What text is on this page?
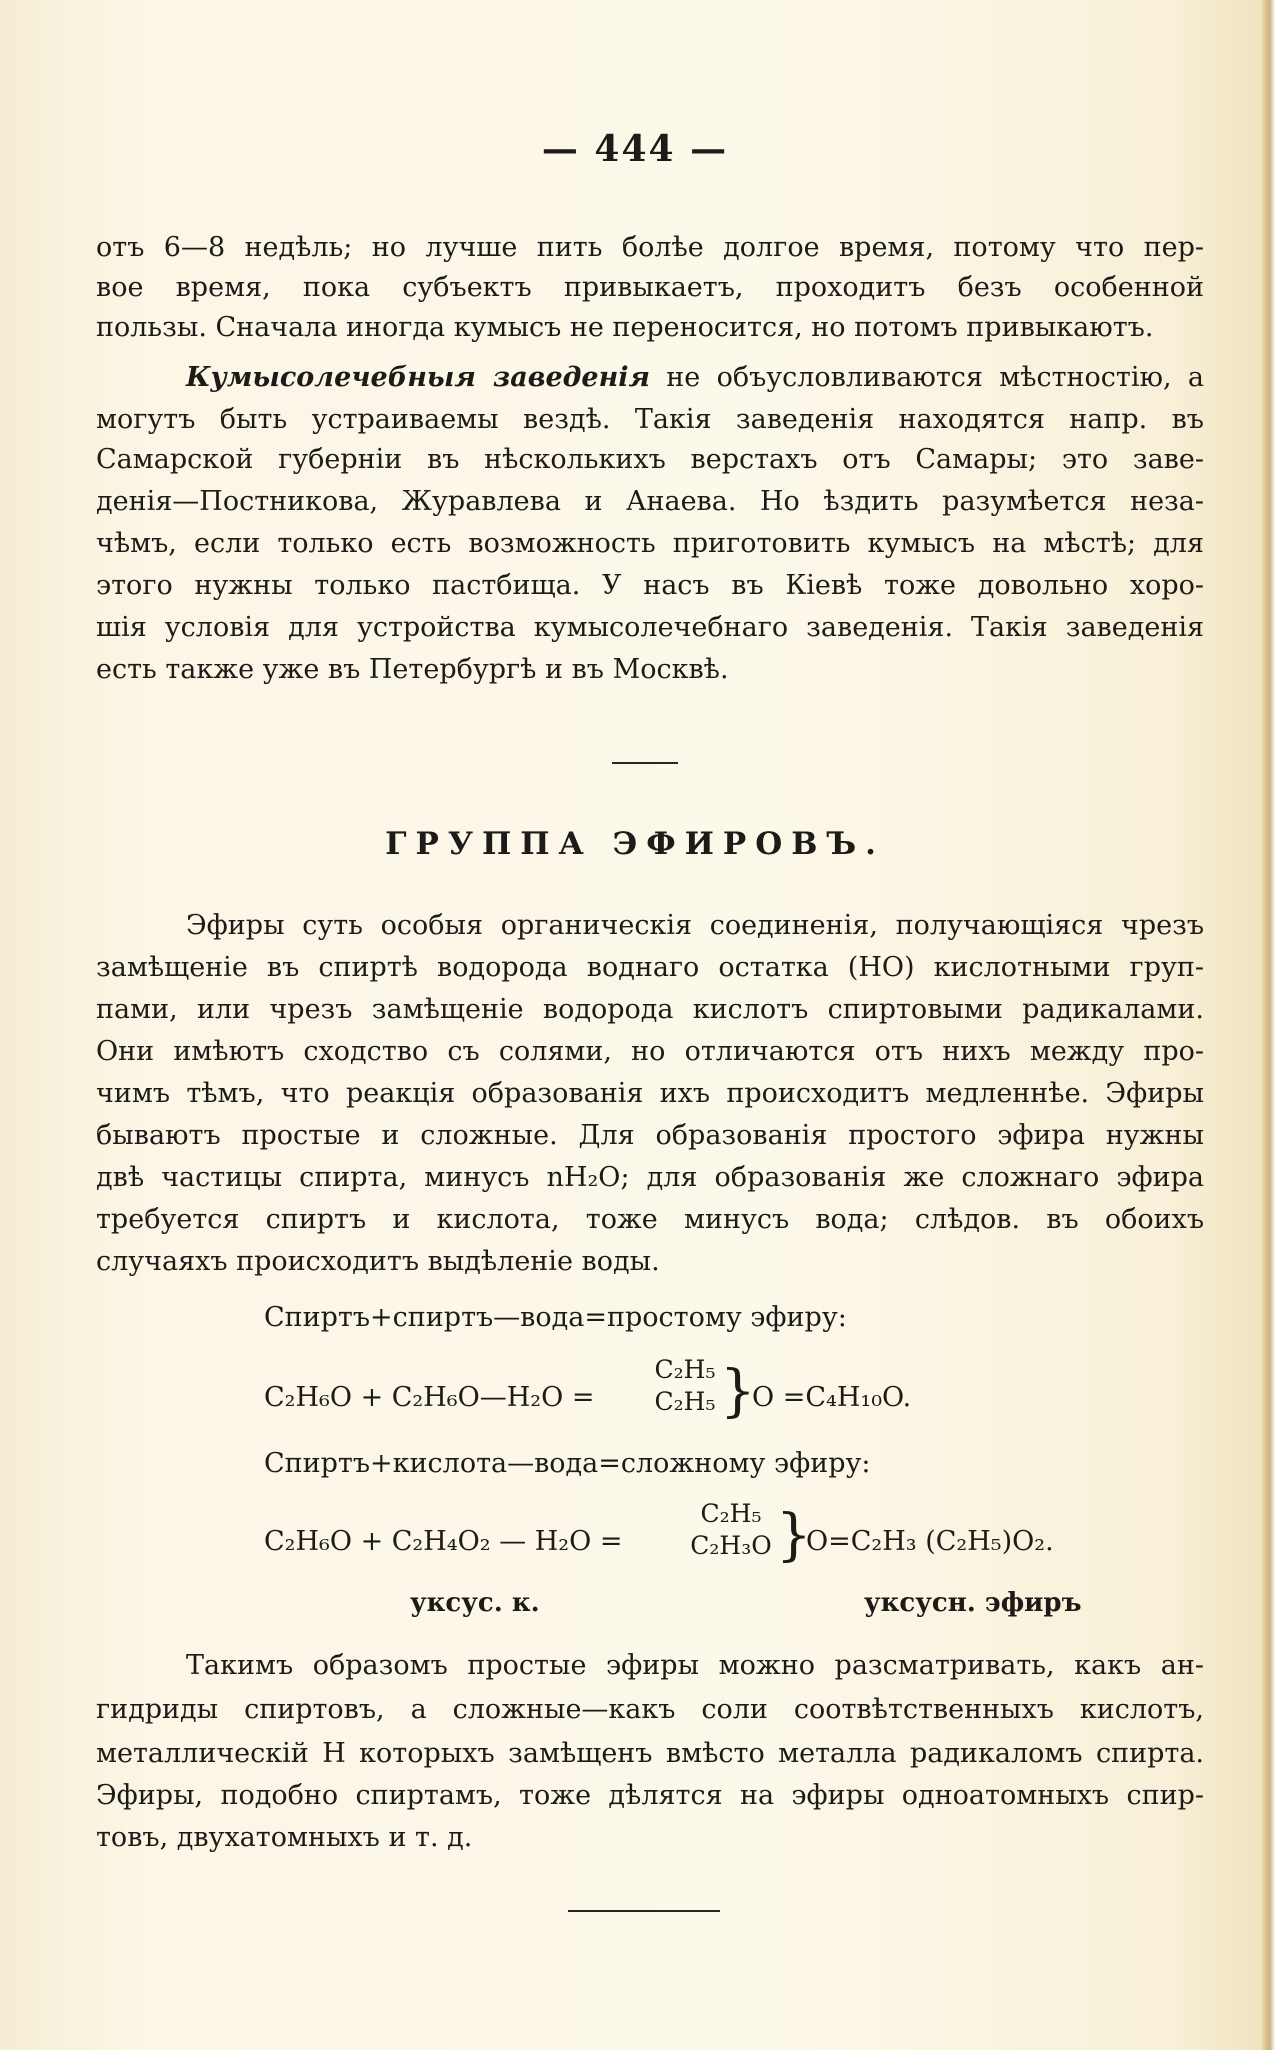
— 444 —

отъ 6—8 недѣль; но лучше пить болѣе долгое время, потому что пер-

вое время, пока субъектъ привыкаетъ, проходитъ безъ особенной

пользы. Сначала иногда кумысъ не переносится, но потомъ привыкаютъ.

Кумысолечебныя заведенія не объусловливаются мѣстностію, а

могутъ быть устраиваемы вездѣ. Такія заведенія находятся напр. въ

Самарской губерніи въ нѣсколькихъ верстахъ отъ Самары; это заве-

денія—Постникова, Журавлева и Анаева. Но ѣздить разумѣется неза-

чѣмъ, если только есть возможность приготовить кумысъ на мѣстѣ; для

этого нужны только пастбища. У насъ въ Кіевѣ тоже довольно хоро-

шія условія для устройства кумысолечебнаго заведенія. Такія заведенія

есть также уже въ Петербургѣ и въ Москвѣ.

ГРУППА ЭФИРОВЪ.

Эфиры суть особыя органическія соединенія, получающіяся чрезъ

замѣщеніе въ спиртѣ водорода воднаго остатка (НО) кислотными груп-

пами, или чрезъ замѣщеніе водорода кислотъ спиртовыми радикалами.

Они имѣютъ сходство съ солями, но отличаются отъ нихъ между про-

чимъ тѣмъ, что реакція образованія ихъ происходитъ медленнѣе. Эфиры

бываютъ простые и сложные. Для образованія простого эфира нужны

двѣ частицы спирта, минусъ nH₂O; для образованія же сложнаго эфира

требуется спиртъ и кислота, тоже минусъ вода; слѣдов. въ обоихъ

случаяхъ происходитъ выдѣленіе воды.

Спиртъ+спиртъ—вода=простому эфиру:
C₂H₆O + C₂H₆O—H₂O =
C₂H₅
C₂H₅ }
O =C₄H₁₀O.
Спиртъ+кислота—вода=сложному эфиру:
C₂H₆O + C₂H₄O₂ — H₂O =
C₂H₅
C₂H₃O }
O=C₂H₃ (C₂H₅)O₂.
уксус. к.	уксусн. эфиръ

Такимъ образомъ простые эфиры можно разсматривать, какъ ан-

гидриды спиртовъ, а сложные—какъ соли соотвѣтственныхъ кислотъ,

металлическій Н которыхъ замѣщенъ вмѣсто металла радикаломъ спирта.

Эфиры, подобно спиртамъ, тоже дѣлятся на эфиры одноатомныхъ спир-

товъ, двухатомныхъ и т. д.
